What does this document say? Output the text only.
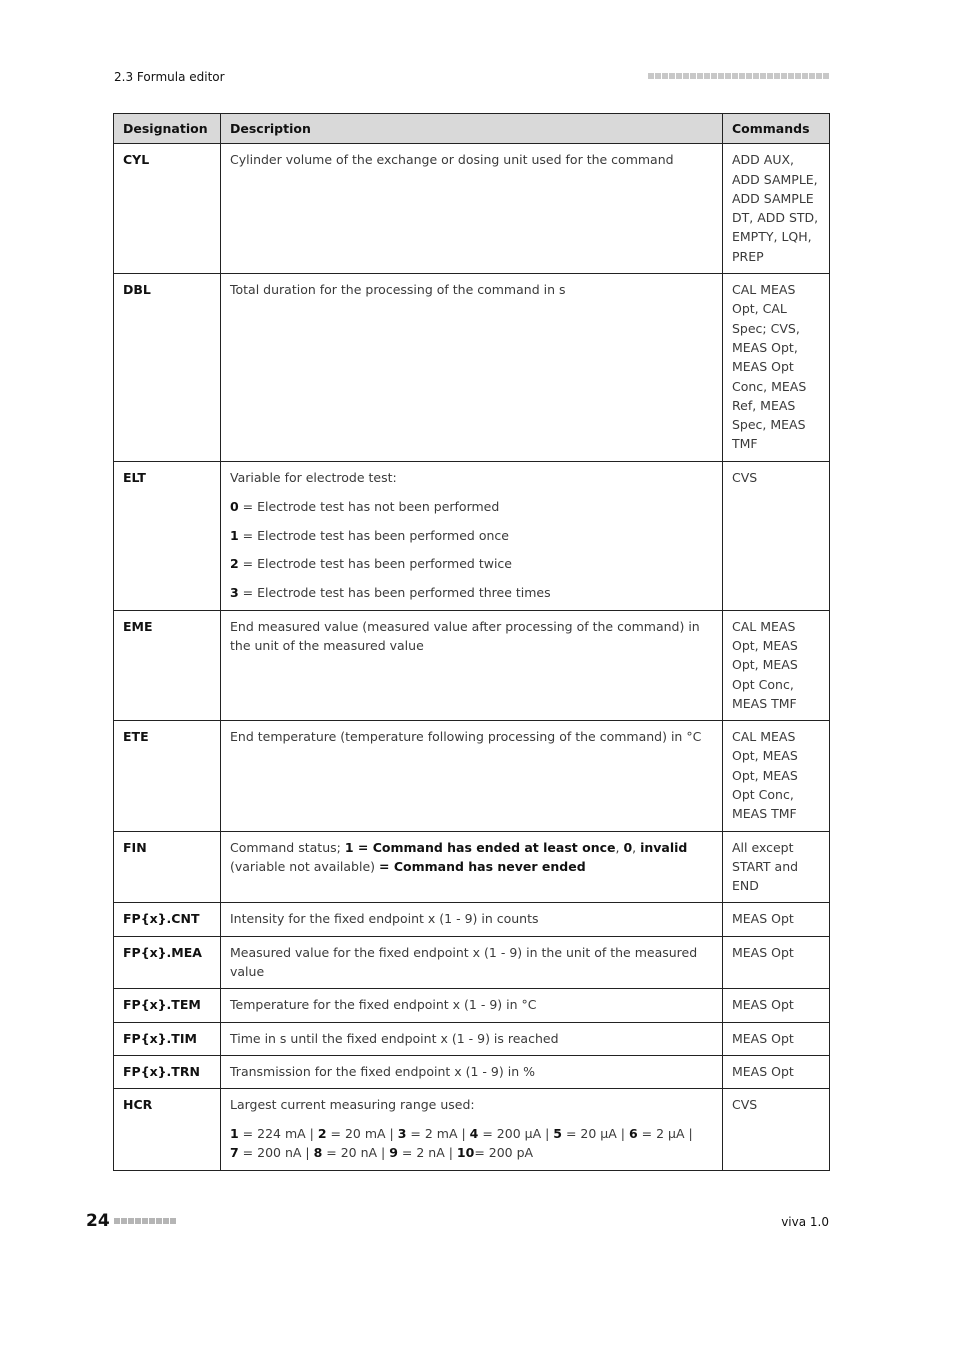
2.3 Formula editor
Designation	Description	Commands
CYL	Cylinder volume of the exchange or dosing unit used for the command	ADD AUX, ADD SAMPLE, ADD SAMPLE DT, ADD STD, EMPTY, LQH, PREP
DBL	Total duration for the processing of the command in s	CAL MEAS Opt, CAL Spec; CVS, MEAS Opt, MEAS Opt Conc, MEAS Ref, MEAS Spec, MEAS TMF
ELT	Variable for electrode test:

0 = Electrode test has not been performed

1 = Electrode test has been performed once

2 = Electrode test has been performed twice

3 = Electrode test has been performed three times	CVS
EME	End measured value (measured value after processing of the command) in the unit of the measured value	CAL MEAS Opt, MEAS Opt, MEAS Opt Conc, MEAS TMF
ETE	End temperature (temperature following processing of the command) in °C	CAL MEAS Opt, MEAS Opt, MEAS Opt Conc, MEAS TMF
FIN	Command status; 1 = Command has ended at least once, 0, invalid (variable not available) = Command has never ended	All except START and END
FP{x}.CNT	Intensity for the fixed endpoint x (1 - 9) in counts	MEAS Opt
FP{x}.MEA	Measured value for the fixed endpoint x (1 - 9) in the unit of the measured value	MEAS Opt
FP{x}.TEM	Temperature for the fixed endpoint x (1 - 9) in °C	MEAS Opt
FP{x}.TIM	Time in s until the fixed endpoint x (1 - 9) is reached	MEAS Opt
FP{x}.TRN	Transmission for the fixed endpoint x (1 - 9) in %	MEAS Opt
HCR	Largest current measuring range used:

1 = 224 mA | 2 = 20 mA | 3 = 2 mA | 4 = 200 µA | 5 = 20 µA | 6 = 2 µA |
7 = 200 nA | 8 = 20 nA | 9 = 2 nA | 10= 200 pA	CVS
24	viva 1.0
